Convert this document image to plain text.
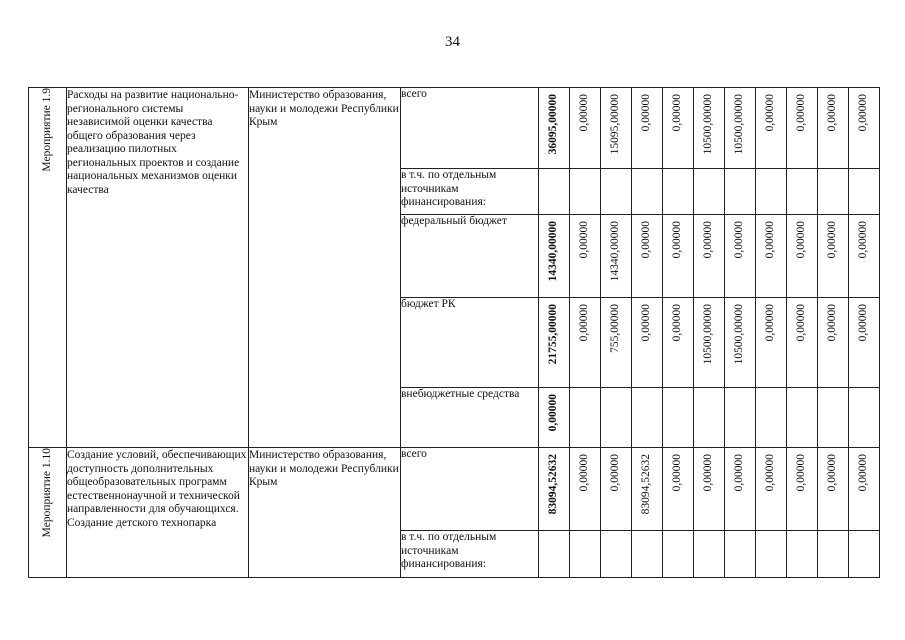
34
Мероприятие 1.9	Расходы на развитие национально-регионального системы независимой оценки качества общего образования через реализацию пилотных региональных проектов и создание национальных механизмов оценки качества	Министерство образования, науки и молодежи Республики Крым	всего	36095,00000	0,00000	15095,00000	0,00000	0,00000	10500,00000	10500,00000	0,00000	0,00000	0,00000	0,00000
			в т.ч. по отдельным источникам финансирования:											
			федеральный бюджет	14340,00000	0,00000	14340,00000	0,00000	0,00000	0,00000	0,00000	0,00000	0,00000	0,00000	0,00000
			бюджет РК	21755,00000	0,00000	755,00000	0,00000	0,00000	10500,00000	10500,00000	0,00000	0,00000	0,00000	0,00000
			внебюджетные средства	0,00000										
Мероприятие 1.10	Создание условий, обеспечивающих доступность дополнительных общеобразовательных программ естественнонаучной и технической направленности для обучающихся. Создание детского технопарка	Министерство образования, науки и молодежи Республики Крым	всего	83094,52632	0,00000	0,00000	83094,52632	0,00000	0,00000	0,00000	0,00000	0,00000	0,00000	0,00000
			в т.ч. по отдельным источникам финансирования:											
